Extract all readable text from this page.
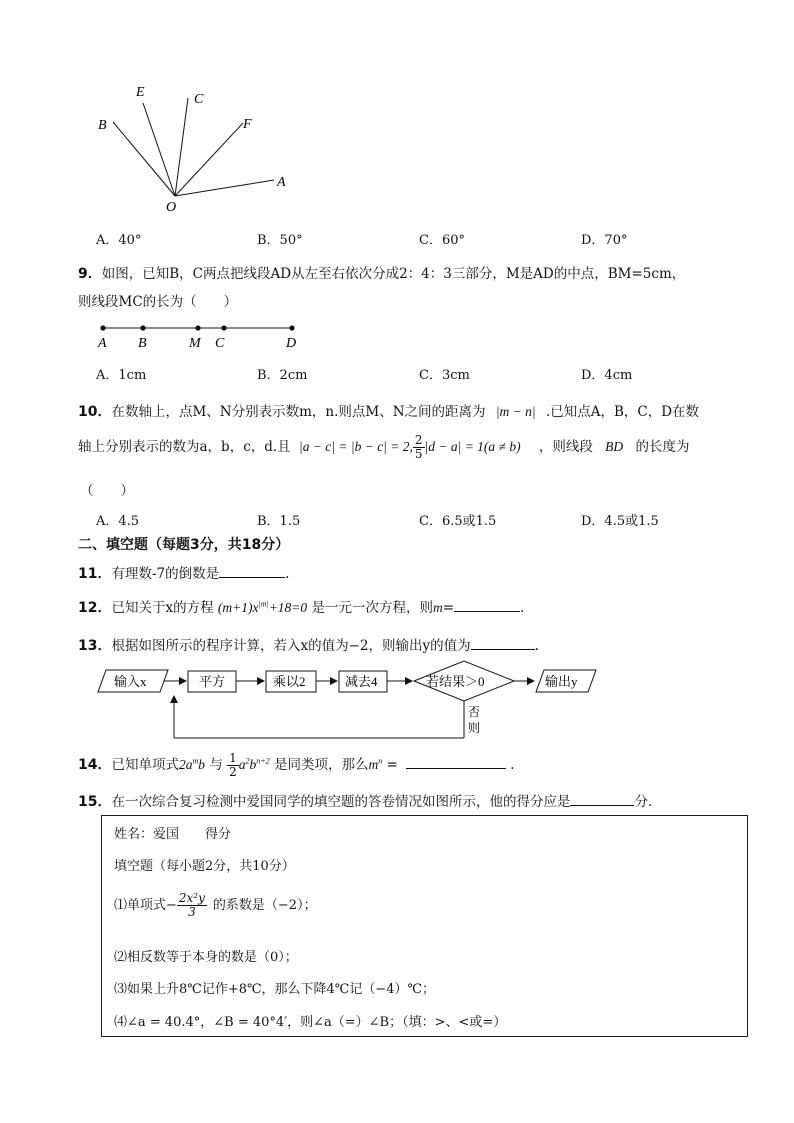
E	C
B	F
A
O
A．40°	B．50°	C．60°	D．70°
9．如图，已知B，C两点把线段AD从左至右依次分成2：4：3三部分，M是AD的中点，BM=5cm，
则线段MC的长为（　　）
A B	M C	D
A．1cm	B．2cm	C．3cm	D．4cm
10．在数轴上，点M、N分别表示数m，n.则点M、N之间的距离为 |m − n| .已知点A，B，C，D在数
轴上分别表示的数为a，b，c，d.且 |a − c| = |b − c| = 2, $\frac{2}{5} |d - a| = 1(a \ne b)$ ，则线段 BD 的长度为
（　　）
A．4.5	B．1.5	C．6.5或1.5	D．4.5或1.5
二、填空题（每题3分，共18分）
11．有理数-7的倒数是	.
12．已知关于x的方程 $(m+1)x^{|m|}+18=0$ 是一元一次方程，则m=	.
13．根据如图所示的程序计算，若入x的值为−2，则输出y的值为	.
输入x	平方	乘以2	减去4	若结果＞0	输出y
否
则
14．已知单项式$2a^mb$ 与 $\frac{1}{2} a^2b^{n+2}$ 是同类项，那么$m^n$ =	.
15．在一次综合复习检测中爱国同学的填空题的答卷情况如图所示，他的得分应是	分．
姓名：爱国　　得分
填空题（每小题2分，共10分）
⑴单项式− $\frac{\text{2x²y}}{3}$ 的系数是（−2）；
⑵相反数等于本身的数是（0）；
⑶如果上升8℃记作+8℃，那么下降4℃记（−4）℃；
⑷∠a = 40.4°，∠B = 40°4′，则∠a（=）∠B；（填：>、<或=）
